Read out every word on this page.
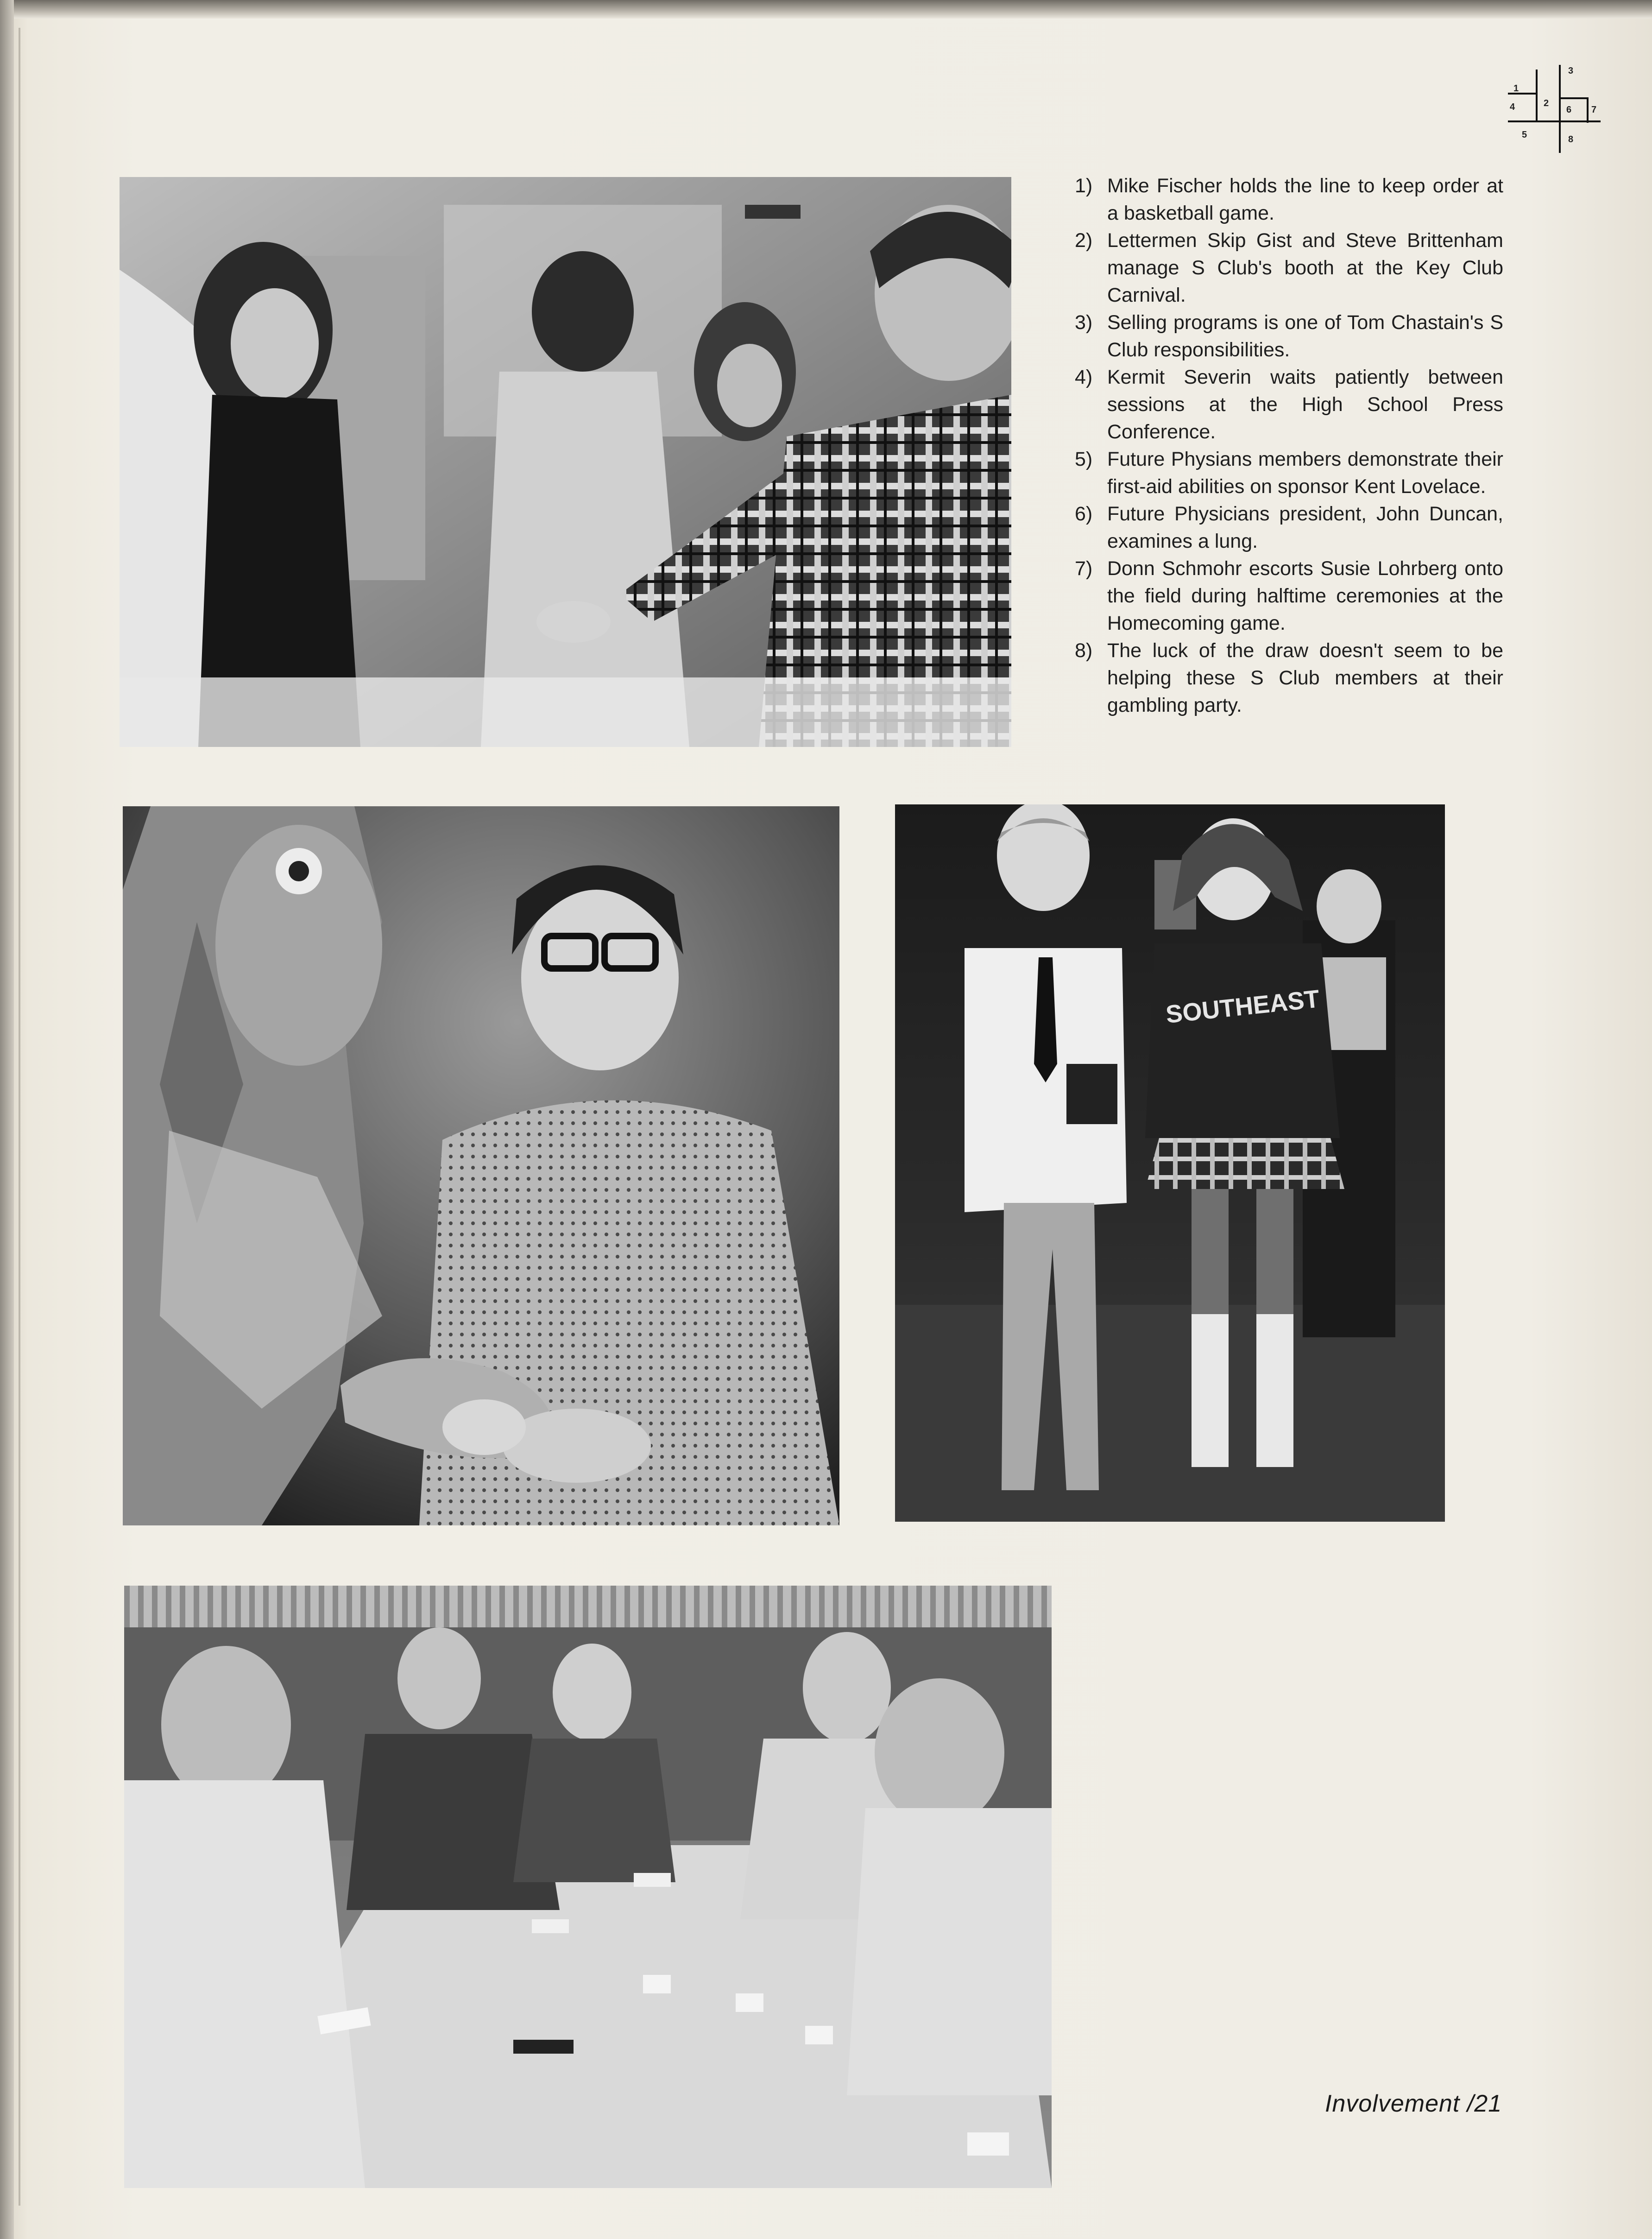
1
2
3
4
5
6 7
8
1) Mike Fischer holds the line to keep order at a basketball game.
2) Lettermen Skip Gist and Steve Brittenham manage S Club's booth at the Key Club Carnival.
3) Selling programs is one of Tom Chastain's S Club responsibilities.
4) Kermit Severin waits patiently between sessions at the High School Press Conference.
5) Future Physians members demonstrate their first-aid abilities on sponsor Kent Lovelace.
6) Future Physicians president, John Duncan, examines a lung.
7) Donn Schmohr escorts Susie Lohrberg onto the field during halftime ceremonies at the Homecoming game.
8) The luck of the draw doesn't seem to be helping these S Club members at their gambling party.
SOUTHEAST
Involvement /21
